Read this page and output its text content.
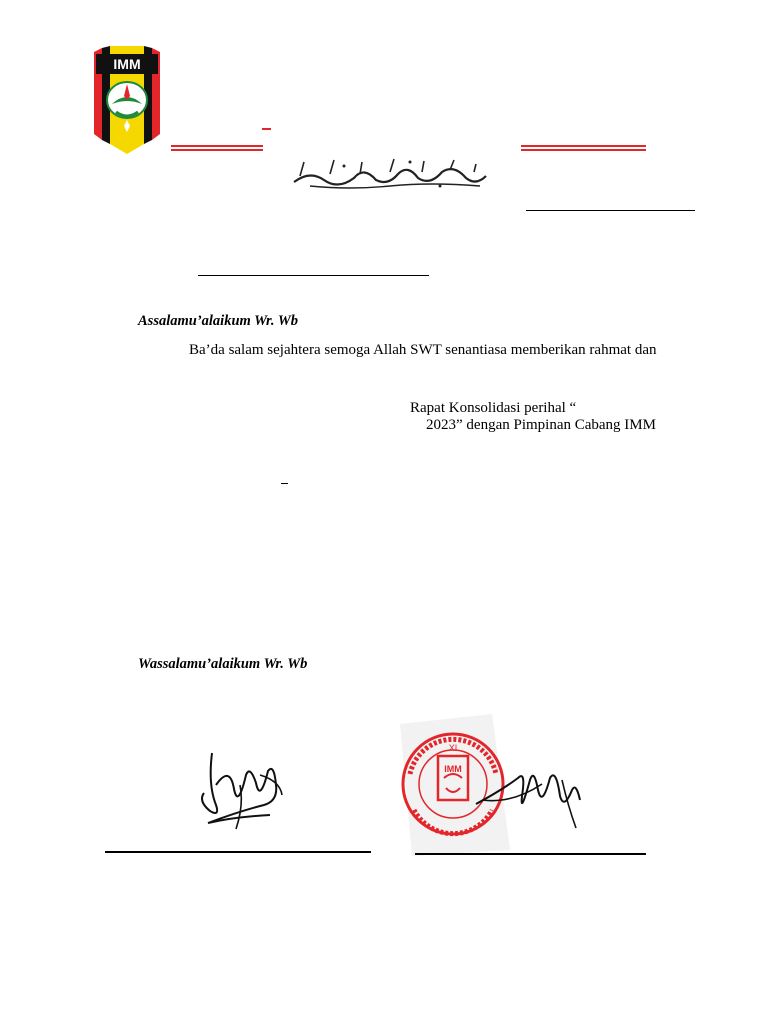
IMM
Assalamu’alaikum Wr. Wb
Ba’da salam sejahtera semoga Allah SWT senantiasa memberikan rahmat dan
Rapat Konsolidasi perihal “
2023” dengan Pimpinan Cabang IMM
Wassalamu’alaikum Wr. Wb
XI
IMM
